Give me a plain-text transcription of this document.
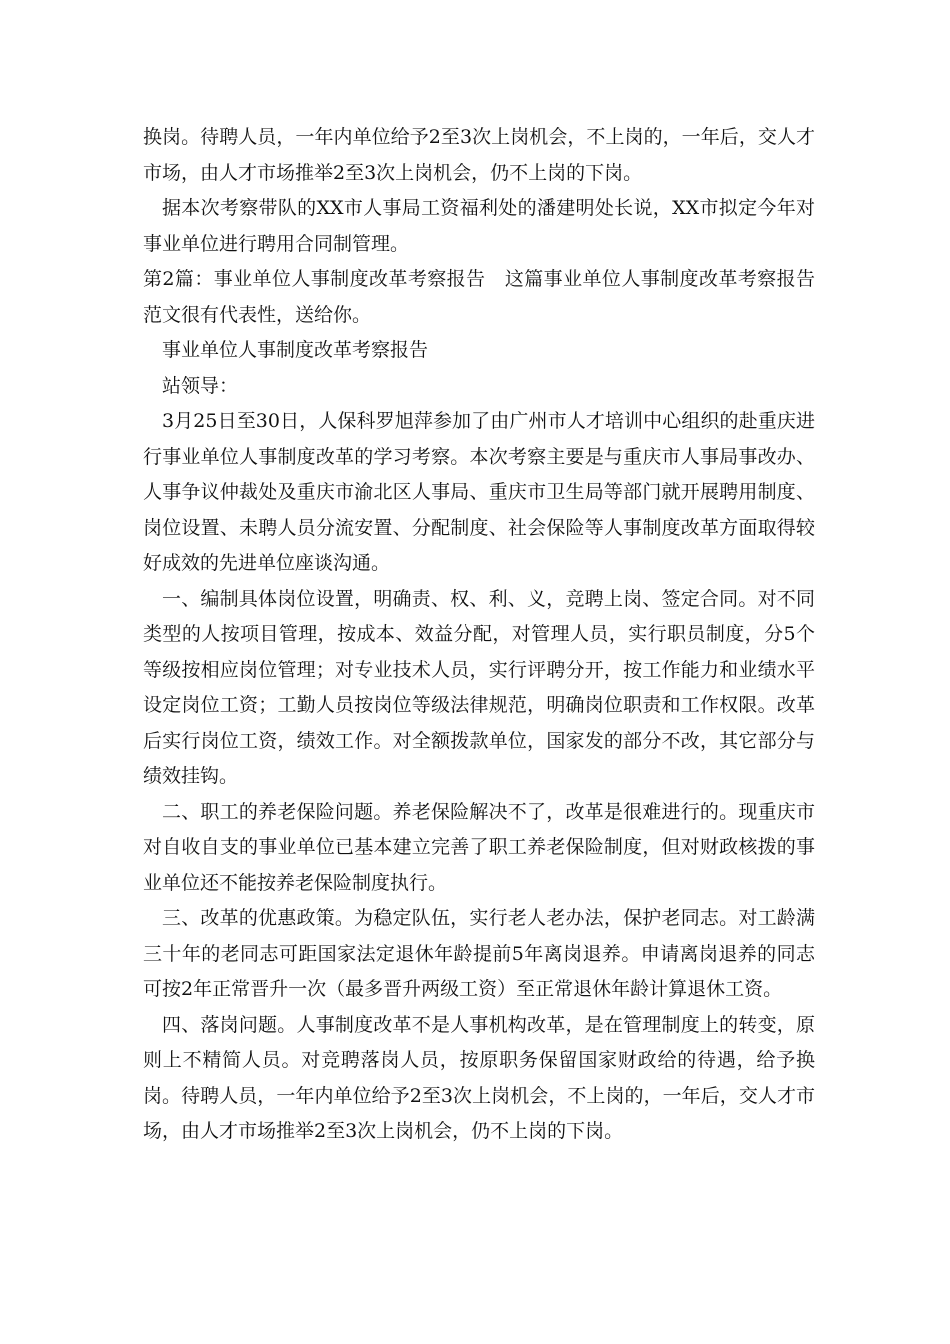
换岗。待聘人员，一年内单位给予2至3次上岗机会，不上岗的，一年后，交人才市场，由人才市场推举2至3次上岗机会，仍不上岗的下岗。

据本次考察带队的XX市人事局工资福利处的潘建明处长说，XX市拟定今年对事业单位进行聘用合同制管理。

第2篇：事业单位人事制度改革考察报告　这篇事业单位人事制度改革考察报告范文很有代表性，送给你。

事业单位人事制度改革考察报告

站领导：

3月25日至30日，人保科罗旭萍参加了由广州市人才培训中心组织的赴重庆进行事业单位人事制度改革的学习考察。本次考察主要是与重庆市人事局事改办、人事争议仲裁处及重庆市渝北区人事局、重庆市卫生局等部门就开展聘用制度、岗位设置、未聘人员分流安置、分配制度、社会保险等人事制度改革方面取得较好成效的先进单位座谈沟通。

一、编制具体岗位设置，明确责、权、利、义，竞聘上岗、签定合同。对不同类型的人按项目管理，按成本、效益分配，对管理人员，实行职员制度，分5个等级按相应岗位管理；对专业技术人员，实行评聘分开，按工作能力和业绩水平设定岗位工资；工勤人员按岗位等级法律规范，明确岗位职责和工作权限。改革后实行岗位工资，绩效工作。对全额拨款单位，国家发的部分不改，其它部分与绩效挂钩。

二、职工的养老保险问题。养老保险解决不了，改革是很难进行的。现重庆市对自收自支的事业单位已基本建立完善了职工养老保险制度，但对财政核拨的事业单位还不能按养老保险制度执行。

三、改革的优惠政策。为稳定队伍，实行老人老办法，保护老同志。对工龄满三十年的老同志可距国家法定退休年龄提前5年离岗退养。申请离岗退养的同志可按2年正常晋升一次（最多晋升两级工资）至正常退休年龄计算退休工资。

四、落岗问题。人事制度改革不是人事机构改革，是在管理制度上的转变，原则上不精简人员。对竞聘落岗人员，按原职务保留国家财政给的待遇，给予换岗。待聘人员，一年内单位给予2至3次上岗机会，不上岗的，一年后，交人才市场，由人才市场推举2至3次上岗机会，仍不上岗的下岗。
